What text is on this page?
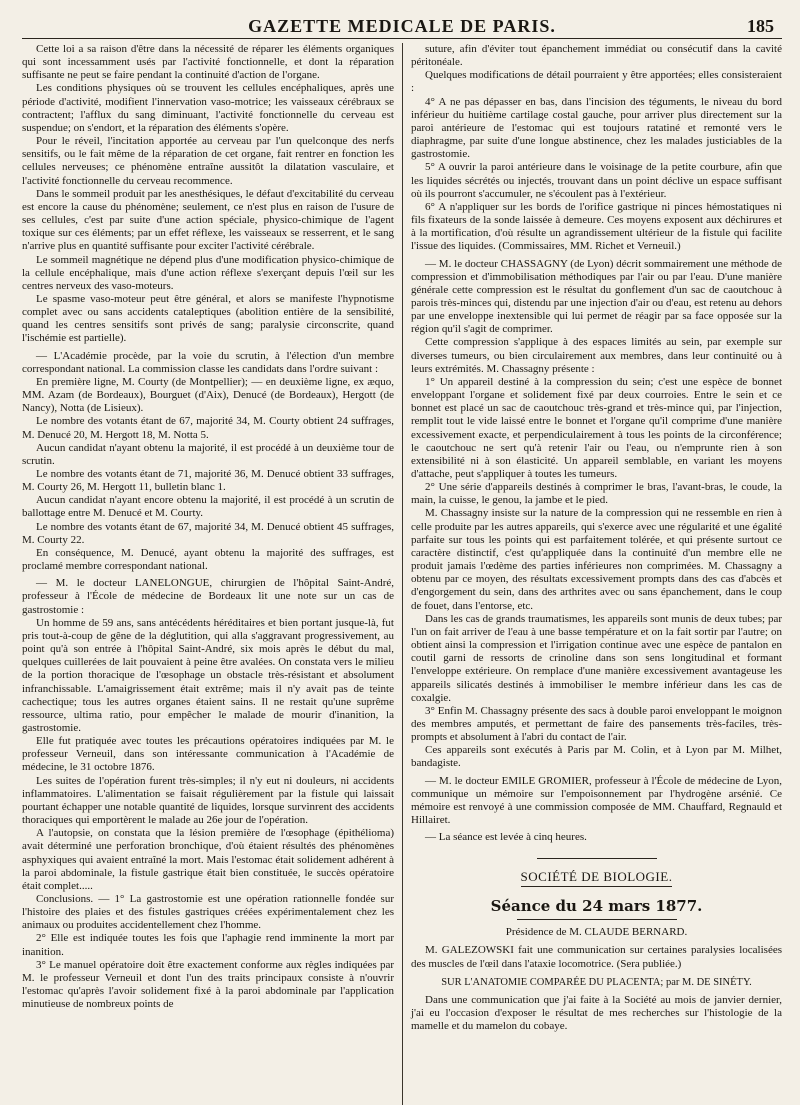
GAZETTE MEDICALE DE PARIS.	185

Cette loi a sa raison d'être dans la nécessité de réparer les éléments organiques qui sont incessamment usés par l'activité fonctionnelle, et dont la réparation suffisante ne peut se faire pendant la continuité d'action de l'organe.

Les conditions physiques où se trouvent les cellules encéphaliques, après une période d'activité, modifient l'innervation vaso-motrice; les vaisseaux cérébraux se contractent; l'afflux du sang diminuant, l'activité fonctionnelle du cerveau est suspendue; on s'endort, et la réparation des éléments s'opère.

Pour le réveil, l'incitation apportée au cerveau par l'un quelconque des nerfs sensitifs, ou le fait même de la réparation de cet organe, fait rentrer en fonction les cellules nerveuses; ce phénomène entraîne aussitôt la dilatation vasculaire, et l'activité fonctionnelle du cerveau recommence.

Dans le sommeil produit par les anesthésiques, le défaut d'excitabilité du cerveau est encore la cause du phénomène; seulement, ce n'est plus en raison de l'usure de ses cellules, c'est par suite d'une action spéciale, physico-chimique de l'agent toxique sur ces éléments; par un effet réflexe, les vaisseaux se resserrent, et le sang n'arrive plus en quantité suffisante pour exciter l'activité cérébrale.

Le sommeil magnétique ne dépend plus d'une modification physico-chimique de la cellule encéphalique, mais d'une action réflexe s'exerçant depuis l'œil sur les centres nerveux des vaso-moteurs.

Le spasme vaso-moteur peut être général, et alors se manifeste l'hypnotisme complet avec ou sans accidents cataleptiques (abolition entière de la sensibilité, quand les centres sensitifs sont privés de sang; paralysie circonscrite, quand l'ischémie est partielle).

— L'Académie procède, par la voie du scrutin, à l'élection d'un membre correspondant national. La commission classe les candidats dans l'ordre suivant :

En première ligne, M. Courty (de Montpellier); — en deuxième ligne, ex æquo, MM. Azam (de Bordeaux), Bourguet (d'Aix), Denucé (de Bordeaux), Hergott (de Nancy), Notta (de Lisieux).

Le nombre des votants étant de 67, majorité 34, M. Courty obtient 24 suffrages, M. Denucé 20, M. Hergott 18, M. Notta 5.

Aucun candidat n'ayant obtenu la majorité, il est procédé à un deuxième tour de scrutin.

Le nombre des votants étant de 71, majorité 36, M. Denucé obtient 33 suffrages, M. Courty 26, M. Hergott 11, bulletin blanc 1.

Aucun candidat n'ayant encore obtenu la majorité, il est procédé à un scrutin de ballottage entre M. Denucé et M. Courty.

Le nombre des votants étant de 67, majorité 34, M. Denucé obtient 45 suffrages, M. Courty 22.

En conséquence, M. Denucé, ayant obtenu la majorité des suffrages, est proclamé membre correspondant national.

— M. le docteur LANELONGUE, chirurgien de l'hôpital Saint-André, professeur à l'École de médecine de Bordeaux lit une note sur un cas de gastrostomie :

Un homme de 59 ans, sans antécédents héréditaires et bien portant jusque-là, fut pris tout-à-coup de gêne de la déglutition, qui alla s'aggravant progressivement, au point qu'à son entrée à l'hôpital Saint-André, six mois après le début du mal, quelques cuillerées de lait pouvaient à peine être avalées. On constata vers le milieu de la portion thoracique de l'œsophage un obstacle très-résistant et absolument infranchissable. L'amaigrissement était extrême; mais il n'y avait pas de teinte cachectique; tous les autres organes étaient sains. Il ne restait qu'une suprême ressource, ultima ratio, pour empêcher le malade de mourir d'inanition, la gastrostomie.

Elle fut pratiquée avec toutes les précautions opératoires indiquées par M. le professeur Verneuil, dans son intéressante communication à l'Académie de médecine, le 31 octobre 1876.

Les suites de l'opération furent très-simples; il n'y eut ni douleurs, ni accidents inflammatoires. L'alimentation se faisait régulièrement par la fistule qui laissait pourtant échapper une notable quantité de liquides, lorsque survinrent des accidents thoraciques qui emportèrent le malade au 26e jour de l'opération.

A l'autopsie, on constata que la lésion première de l'œsophage (épithélioma) avait déterminé une perforation bronchique, d'où étaient résultés des phénomènes asphyxiques qui avaient entraîné la mort. Mais l'estomac était solidement adhérent à la paroi abdominale, la fistule gastrique était bien constituée, le succès opératoire était complet.....

Conclusions. — 1° La gastrostomie est une opération rationnelle fondée sur l'histoire des plaies et des fistules gastriques créées expérimentalement chez les animaux ou produites accidentellement chez l'homme.

2° Elle est indiquée toutes les fois que l'aphagie rend imminente la mort par inanition.

3° Le manuel opératoire doit être exactement conforme aux règles indiquées par M. le professeur Verneuil et dont l'un des traits principaux consiste à n'ouvrir l'estomac qu'après l'avoir solidement fixé à la paroi abdominale par l'application minutieuse de nombreux points de

suture, afin d'éviter tout épanchement immédiat ou consécutif dans la cavité péritonéale.

Quelques modifications de détail pourraient y être apportées; elles consisteraient :

4° A ne pas dépasser en bas, dans l'incision des téguments, le niveau du bord inférieur du huitième cartilage costal gauche, pour arriver plus directement sur la paroi antérieure de l'estomac qui est toujours ratatiné et remonté vers le diaphragme, par suite d'une longue abstinence, chez les malades justiciables de la gastrostomie.

5° A ouvrir la paroi antérieure dans le voisinage de la petite courbure, afin que les liquides sécrétés ou injectés, trouvant dans un point déclive un espace suffisant où ils pourront s'accumuler, ne s'écoulent pas à l'extérieur.

6° A n'appliquer sur les bords de l'orifice gastrique ni pinces hémostatiques ni fils fixateurs de la sonde laissée à demeure. Ces moyens exposent aux déchirures et à la mortification, d'où résulte un agrandissement ultérieur de la fistule qui facilite l'issue des liquides. (Commissaires, MM. Richet et Verneuil.)

— M. le docteur CHASSAGNY (de Lyon) décrit sommairement une méthode de compression et d'immobilisation méthodiques par l'air ou par l'eau. D'une manière générale cette compression est le résultat du gonflement d'un sac de caoutchouc à parois très-minces qui, distendu par une injection d'air ou d'eau, est retenu au dehors par une enveloppe inextensible qui lui permet de réagir par sa face opposée sur la région qu'il s'agit de comprimer.

Cette compression s'applique à des espaces limités au sein, par exemple sur diverses tumeurs, ou bien circulairement aux membres, dans leur continuité ou à leurs extrémités. M. Chassagny présente :

1° Un appareil destiné à la compression du sein; c'est une espèce de bonnet enveloppant l'organe et solidement fixé par deux courroies. Entre le sein et ce bonnet est placé un sac de caoutchouc très-grand et très-mince qui, par l'injection, remplit tout le vide laissé entre le bonnet et l'organe qu'il comprime d'une manière excessivement exacte, et perpendiculairement à tous les points de la circonférence; le caoutchouc ne sert qu'à retenir l'air ou l'eau, ou n'emprunte rien à son extensibilité ni à son élasticité. Un appareil semblable, en variant les moyens d'attache, peut s'appliquer à toutes les tumeurs.

2° Une série d'appareils destinés à comprimer le bras, l'avant-bras, le coude, la main, la cuisse, le genou, la jambe et le pied.

M. Chassagny insiste sur la nature de la compression qui ne ressemble en rien à celle produite par les autres appareils, qui s'exerce avec une régularité et une égalité parfaite sur tous les points qui est parfaitement tolérée, et qui présente surtout ce caractère distinctif, c'est qu'appliquée dans la continuité d'un membre elle ne produit jamais l'œdème des parties inférieures non comprimées. M. Chassagny a obtenu par ce moyen, des résultats excessivement prompts dans des cas d'abcès et d'engorgement du sein, dans des arthrites avec ou sans épanchement, dans le coup de fouet, dans l'entorse, etc.

Dans les cas de grands traumatismes, les appareils sont munis de deux tubes; par l'un on fait arriver de l'eau à une basse température et on la fait sortir par l'autre; on obtient ainsi la compression et l'irrigation continue avec une espèce de pantalon en coutil garni de ressorts de crinoline dans son sens longitudinal et formant l'enveloppe extérieure. On remplace d'une manière excessivement avantageuse les appareils silicatés destinés à immobiliser le membre inférieur dans les cas de coxalgie.

3° Enfin M. Chassagny présente des sacs à double paroi enveloppant le moignon des membres amputés, et permettant de faire des pansements très-faciles, très-prompts et absolument à l'abri du contact de l'air.

Ces appareils sont exécutés à Paris par M. Colin, et à Lyon par M. Milhet, bandagiste.

— M. le docteur EMILE GROMIER, professeur à l'École de médecine de Lyon, communique un mémoire sur l'empoisonnement par l'hydrogène arsénié. Ce mémoire est renvoyé à une commission composée de MM. Chauffard, Regnauld et Hillairet.

— La séance est levée à cinq heures.

SOCIÉTÉ DE BIOLOGIE.
Séance du 24 mars 1877.
Présidence de M. CLAUDE BERNARD.

M. GALEZOWSKI fait une communication sur certaines paralysies localisées des muscles de l'œil dans l'ataxie locomotrice. (Sera publiée.)

SUR L'ANATOMIE COMPARÉE DU PLACENTA; par M. DE SINÉTY.

Dans une communication que j'ai faite à la Société au mois de janvier dernier, j'ai eu l'occasion d'exposer le résultat de mes recherches sur l'histologie de la mamelle et du mamelon du cobaye.
